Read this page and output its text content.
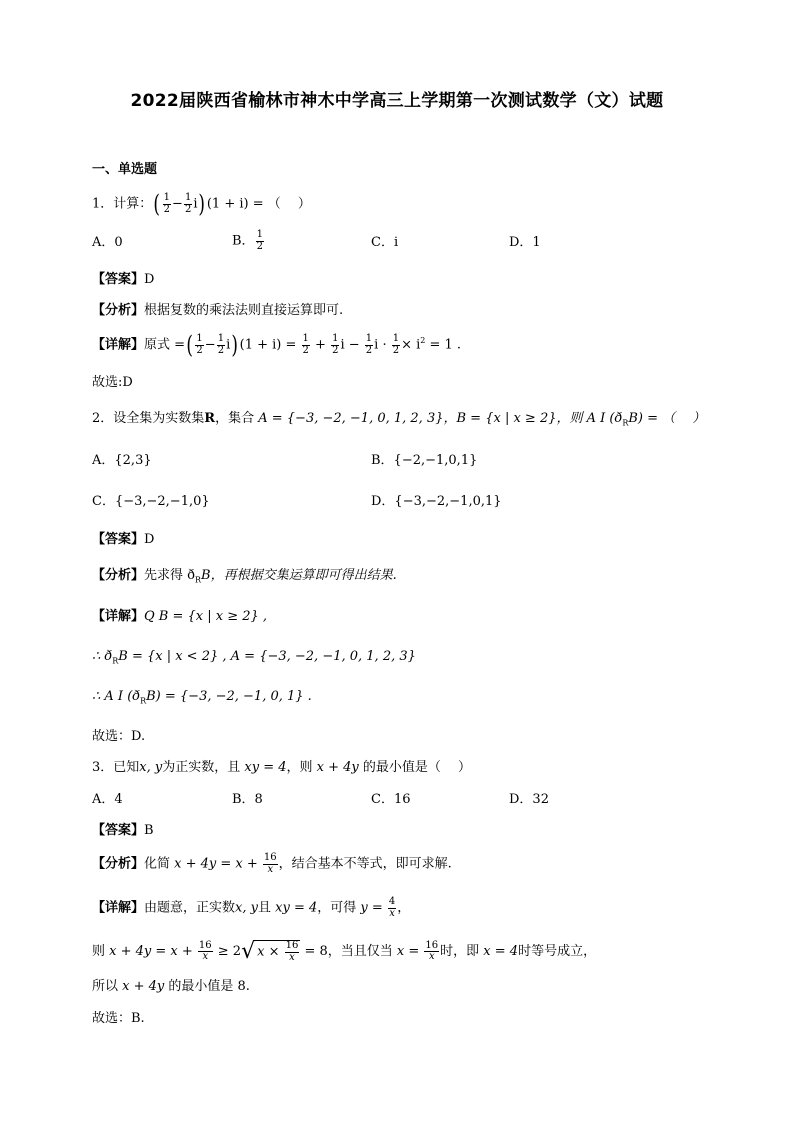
2022届陕西省榆林市神木中学高三上学期第一次测试数学（文）试题
一、单选题
1．计算：( $\frac{1}{2} - \frac{1}{2} i)(1 + i)$ = （　 ）
A．0	B． $\frac{1}{2}$	C．i	D．1
【答案】D
【分析】根据复数的乘法法则直接运算即可.
【详解】原式 =( $\frac{1}{2} - \frac{1}{2} i)(1 + i) = \frac{1}{2} + \frac{1}{2}$ $i - \frac{1}{2}$ $i \cdot \frac{1}{2} \times i^2 = 1$ .
故选:D
2．设全集为实数集R，集合 A = {−3, −2, −1, 0, 1, 2, 3}，B = {x | x ≥ 2}，则 A Ⅰ $(ð_RB)$ = （　 ）
A．{2,3}	B．{−2,−1,0,1}
C．{−3,−2,−1,0}	D．{−3,−2,−1,0,1}
【答案】D
【分析】先求得 $ð_RB$，再根据交集运算即可得出结果.
【详解】Q B = {x | x ≥ 2} ,
∴ $ð_RB = \{x$ | x < 2} , A = {−3, −2, −1, 0, 1, 2, 3}
∴ A Ⅰ $(ð_RB) = \{-3$, −2, −1, 0, 1} .
故选：D.
3．已知x, y为正实数，且 xy = 4，则 x + 4y 的最小值是（　 ）
A．4	B．8	C．16	D．32
【答案】B
【分析】化简 $x + 4y = x + \frac{16}{x}$ ，结合基本不等式，即可求解.
【详解】由题意，正实数x, y且 xy = 4，可得 $y = \frac{4}{x}$ ，
则 $x + 4y = x + \frac{16}{x} \ge 2√$ $x \times \frac{16}{x} = 8$，当且仅当 $x = \frac{16}{x}$ 时，即 x = 4时等号成立，
所以 x + 4y 的最小值是 8.
故选：B.
